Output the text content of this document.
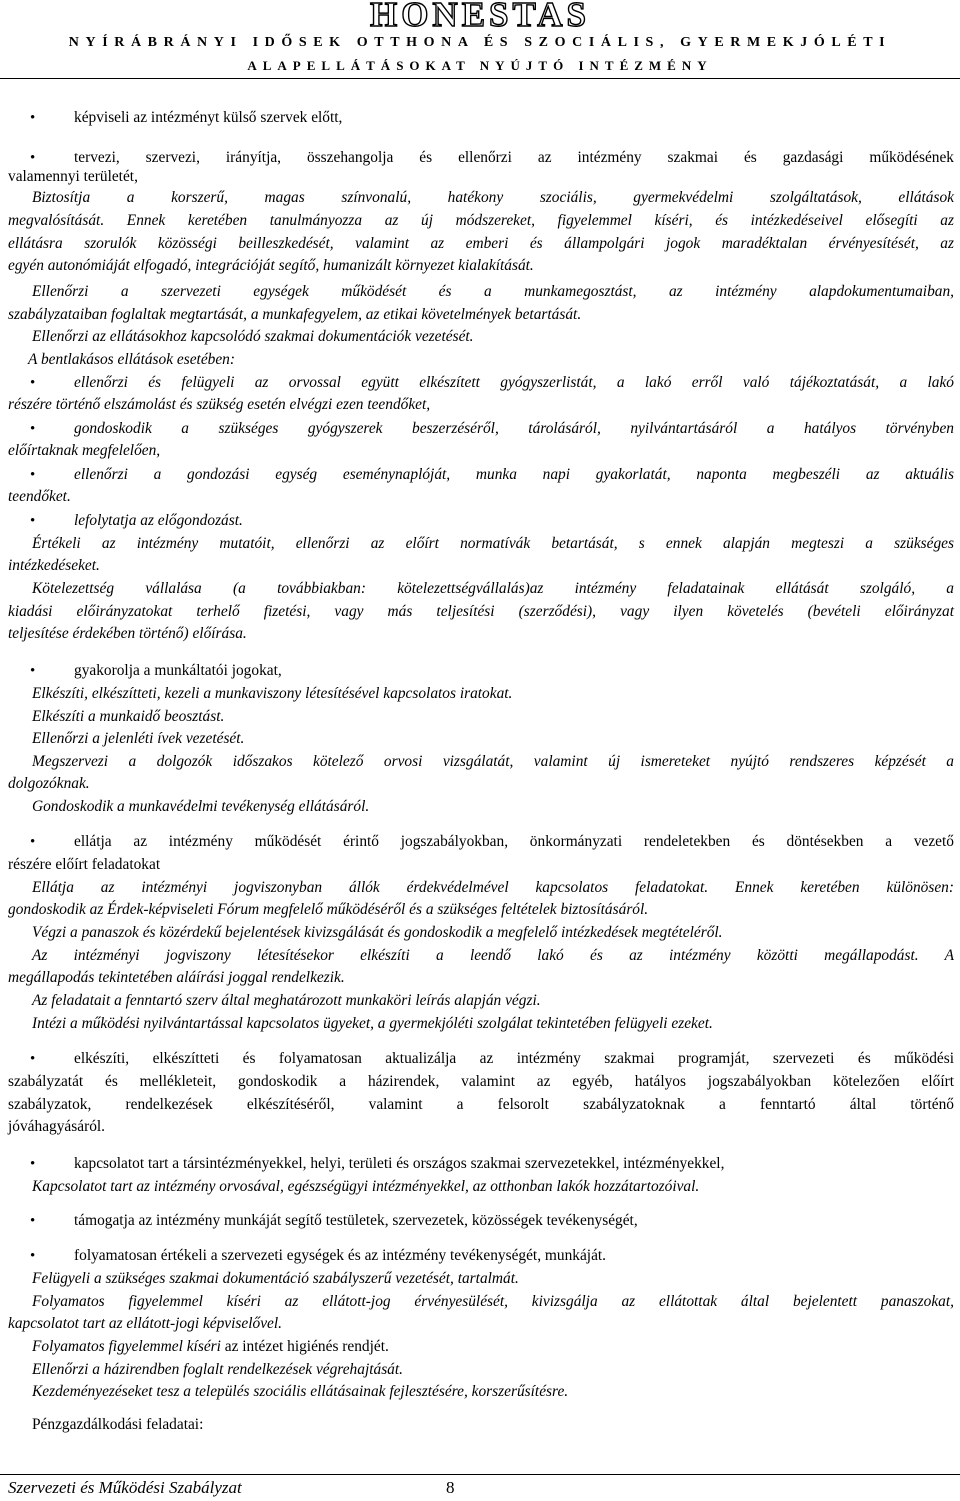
HONESTAS
NYÍRÁBRÁNYI IDŐSEK OTTHONA ÉS SZOCIÁLIS, GYERMEKJÓLÉTI
ALAPELLÁTÁSOKAT NYÚJTÓ INTÉZMÉNY
•	képviseli az intézményt külső szervek előtt,
•	tervezi, szervezi, irányítja, összehangolja és ellenőrzi az intézmény szakmai és gazdasági működésének
valamennyi területét,
Biztosítja a korszerű, magas színvonalú, hatékony szociális, gyermekvédelmi szolgáltatások, ellátások
megvalósítását. Ennek keretében tanulmányozza az új módszereket, figyelemmel kíséri, és intézkedéseivel elősegíti az
ellátásra szorulók közösségi beilleszkedését, valamint az emberi és állampolgári jogok maradéktalan érvényesítését, az
egyén autonómiáját elfogadó, integrációját segítő, humanizált környezet kialakítását.
Ellenőrzi a szervezeti egységek működését és a munkamegosztást, az intézmény alapdokumentumaiban,
szabályzataiban foglaltak megtartását, a munkafegyelem, az etikai követelmények betartását.
Ellenőrzi az ellátásokhoz kapcsolódó szakmai dokumentációk vezetését.
A bentlakásos ellátások esetében:
•	ellenőrzi és felügyeli az orvossal együtt elkészített gyógyszerlistát, a lakó erről való tájékoztatását, a lakó
részére történő elszámolást és szükség esetén elvégzi ezen teendőket,
•	gondoskodik a szükséges gyógyszerek beszerzéséről, tárolásáról, nyilvántartásáról a hatályos törvényben
előírtaknak megfelelően,
•	ellenőrzi a gondozási egység eseménynaplóját, munka napi gyakorlatát, naponta megbeszéli az aktuális
teendőket.
•	lefolytatja az előgondozást.
Értékeli az intézmény mutatóit, ellenőrzi az előírt normatívák betartását, s ennek alapján megteszi a szükséges
intézkedéseket.
Kötelezettség vállalása (a továbbiakban: kötelezettségvállalás)az intézmény feladatainak ellátását szolgáló, a
kiadási előirányzatokat terhelő fizetési, vagy más teljesítési (szerződési), vagy ilyen követelés (bevételi előirányzat
teljesítése érdekében történő) előírása.
•	gyakorolja a munkáltatói jogokat,
Elkészíti, elkészítteti, kezeli a munkaviszony létesítésével kapcsolatos iratokat.
Elkészíti a munkaidő beosztást.
Ellenőrzi a jelenléti ívek vezetését.
Megszervezi a dolgozók időszakos kötelező orvosi vizsgálatát, valamint új ismereteket nyújtó rendszeres képzését a
dolgozóknak.
Gondoskodik a munkavédelmi tevékenység ellátásáról.
•	ellátja az intézmény működését érintő jogszabályokban, önkormányzati rendeletekben és döntésekben a vezető
részére előírt feladatokat
Ellátja az intézményi jogviszonyban állók érdekvédelmével kapcsolatos feladatokat. Ennek keretében különösen:
gondoskodik az Érdek-képviseleti Fórum megfelelő működéséről és a szükséges feltételek biztosításáról.
Végzi a panaszok és közérdekű bejelentések kivizsgálását és gondoskodik a megfelelő intézkedések megtételéről.
Az intézményi jogviszony létesítésekor elkészíti a leendő lakó és az intézmény közötti megállapodást. A
megállapodás tekintetében aláírási joggal rendelkezik.
Az feladatait a fenntartó szerv által meghatározott munkaköri leírás alapján végzi.
Intézi a működési nyilvántartással kapcsolatos ügyeket, a gyermekjóléti szolgálat tekintetében felügyeli ezeket.
•	elkészíti, elkészítteti és folyamatosan aktualizálja az intézmény szakmai programját, szervezeti és működési
szabályzatát és mellékleteit, gondoskodik a házirendek, valamint az egyéb, hatályos jogszabályokban kötelezően előírt
szabályzatok, rendelkezések elkészítéséről, valamint a felsorolt szabályzatoknak a fenntartó által történő
jóváhagyásáról.
•	kapcsolatot tart a társintézményekkel, helyi, területi és országos szakmai szervezetekkel, intézményekkel,
Kapcsolatot tart az intézmény orvosával, egészségügyi intézményekkel, az otthonban lakók hozzátartozóival.
•	támogatja az intézmény munkáját segítő testületek, szervezetek, közösségek tevékenységét,
•	folyamatosan értékeli a szervezeti egységek és az intézmény tevékenységét, munkáját.
Felügyeli a szükséges szakmai dokumentáció szabályszerű vezetését, tartalmát.
Folyamatos figyelemmel kíséri az ellátott-jog érvényesülését, kivizsgálja az ellátottak által bejelentett panaszokat,
kapcsolatot tart az ellátott-jogi képviselővel.
Folyamatos figyelemmel kíséri az intézet higiénés rendjét.
Ellenőrzi a házirendben foglalt rendelkezések végrehajtását.
Kezdeményezéseket tesz a település szociális ellátásainak fejlesztésére, korszerűsítésre.
Pénzgazdálkodási feladatai:
Szervezeti és Működési Szabályzat	8
